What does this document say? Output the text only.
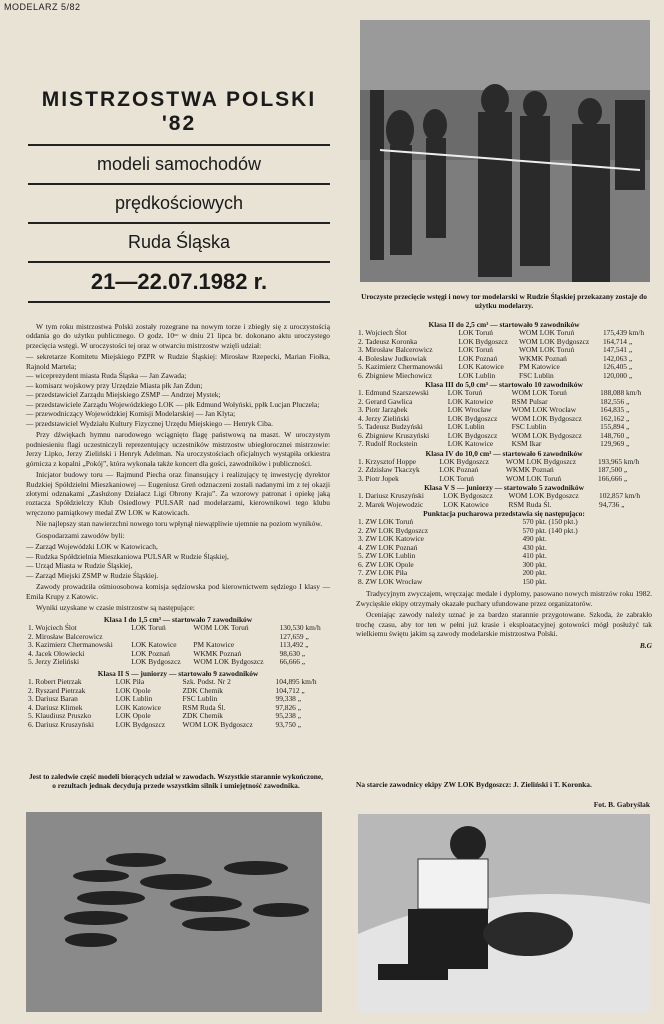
MODELARZ 5/82
Uroczyste przecięcie wstęgi i nowy tor modelarski w Rudzie Śląskiej przekazany zostaje do użytku modelarzy.
MISTRZOSTWA POLSKI '82
modeli samochodów
prędkościowych
Ruda Śląska
21—22.07.1982 r.

W tym roku mistrzostwa Polski zostały rozegrane na nowym torze i zbiegły się z uroczystością oddania go do użytku publicznego. O godz. 10ᵒᵒ w dniu 21 lipca br. dokonano aktu uroczystego przecięcia wstęgi. W uroczystości tej oraz w otwarciu mistrzostw wzięli udział:

— sekretarze Komitetu Miejskiego PZPR w Rudzie Śląskiej: Mirosław Rzepecki, Marian Fiołka, Rajnold Martela;
— wiceprezydent miasta Ruda Śląska — Jan Zawada;
— komisarz wojskowy przy Urzędzie Miasta płk Jan Zdun;
— przedstawiciel Zarządu Miejskiego ZSMP — Andrzej Mystek;
— przedstawiciele Zarządu Wojewódzkiego LOK — płk Edmund Wołyński, ppłk Lucjan Pluczela;
— przewodniczący Wojewódzkiej Komisji Modelarskiej — Jan Klyta;
— przedstawiciel Wydziału Kultury Fizycznej Urzędu Miejskiego — Henryk Ciba.

Przy dźwiękach hymnu narodowego wciągnięto flagę państwową na maszt. W uroczystym podniesieniu flagi uczestniczyli reprezentujący uczestników mistrzostw ubiegłorocznei mistrzowie: Jerzy Lipko, Jerzy Zieliński i Henryk Adelman. Na uroczystościach oficjalnych wystąpiła orkiestra górnicza z kopalni „Pokój”, która wykonała także koncert dla gości, zawodników i publiczności.

Inicjator budowy toru — Rajmund Piecha oraz finansujący i realizujący tę inwestycję dyrektor Rudzkiej Spółdzielni Mieszkaniowej — Eugeniusz Greń odznaczeni zostali nadanymi im z tej okazji złotymi odznakami „Zasłużony Działacz Ligi Obrony Kraju”. Za wzorowy patronat i opiekę jaką roztacza Spółdzielczy Klub Osiedlowy PULSAR nad modelarzami, kierownikowi tego klubu wręczono pamiątkowy medal ZW LOK w Katowicach.

Nie najlepszy stan nawierzchni nowego toru wpłynął niewątpliwie ujemnie na poziom wyników.

Gospodarzami zawodów byli:

— Zarząd Wojewódzki LOK w Katowicach,
— Rudzka Spółdzielnia Mieszkaniowa PULSAR w Rudzie Śląskiej,
— Urząd Miasta w Rudzie Śląskiej,
— Zarząd Miejski ZSMP w Rudzie Śląskiej.

Zawody prowadziła ośmioosobowa komisja sędziowska pod kierownictwem sędziego I klasy — Emila Krupy z Katowic.

Wyniki uzyskane w czasie mistrzostw są następujące:

Klasa I do 1,5 cm³ — startowało 7 zawodników
1. Wojciech Ślot	LOK Toruń	WOM LOK Toruń	130,530 km/h
2. Mirosław Balcerowicz			127,659 „
3. Kazimierz Chermanowski	LOK Katowice	PM Katowice	113,492 „
4. Jacek Olowiecki	LOK Poznań	WKMK Poznań	98,630 „
5. Jerzy Zieliński	LOK Bydgoszcz	WOM LOK Bydgoszcz	66,666 „
Klasa II S — juniorzy — startowało 9 zawodników
1. Robert Pietrzak	LOK Piła	Szk. Podst. Nr 2	104,895 km/h
2. Ryszard Pietrzak	LOK Opole	ZDK Chemik	104,712 „
3. Dariusz Baran	LOK Lublin	FSC Lublin	99,338 „
4. Dariusz Klimek	LOK Katowice	RSM Ruda Śl.	97,826 „
5. Klaudiusz Pruszko	LOK Opole	ZDK Chemik	95,238 „
6. Dariusz Kruszyński	LOK Bydgoszcz	WOM LOK Bydgoszcz	93,750 „
Jest to zaledwie część modeli biorących udział w zawodach. Wszystkie starannie wykończone, o rezultach jednak decydują przede wszystkim silnik i umiejętność zawodnika.
Klasa II do 2,5 cm³ — startowało 9 zawodników
1. Wojciech Ślot	LOK Toruń	WOM LOK Toruń	175,439 km/h
2. Tadeusz Koronka	LOK Bydgoszcz	WOM LOK Bydgoszcz	164,714 „
3. Mirosław Balcerowicz	LOK Toruń	WOM LOK Toruń	147,541 „
4. Bolesław Judkowiak	LOK Poznań	WKMK Poznań	142,063 „
5. Kazimierz Chermanowski	LOK Katowice	PM Katowice	126,405 „
6. Zbigniew Miechowicz	LOK Lublin	FSC Lublin	120,000 „
Klasa III do 5,0 cm³ — startowało 10 zawodników
1. Edmund Szarszewski	LOK Toruń	WOM LOK Toruń	188,088 km/h
2. Gerard Gawlica	LOK Katowice	RSM Pulsar	182,556 „
3. Piotr Jarząbek	LOK Wrocław	WOM LOK Wrocław	164,835 „
4. Jerzy Zieliński	LOK Bydgoszcz	WOM LOK Bydgoszcz	162,162 „
5. Tadeusz Budzyński	LOK Lublin	FSC Lublin	155,894 „
6. Zbigniew Kruszyński	LOK Bydgoszcz	WOM LOK Bydgoszcz	148,760 „
7. Rudolf Rockstein	LOK Katowice	KSM Ikar	129,969 „
Klasa IV do 10,0 cm³ — startowało 6 zawodników
1. Krzysztof Hoppe	LOK Bydgoszcz	WOM LOK Bydgoszcz	193,965 km/h
2. Zdzisław Tkaczyk	LOK Poznań	WKMK Poznań	187,500 „
3. Piotr Jopek	LOK Toruń	WOM LOK Toruń	166,666 „
Klasa V S — juniorzy — startowało 5 zawodników
1. Dariusz Kruszyński	LOK Bydgoszcz	WOM LOK Bydgoszcz	102,857 km/h
2. Marek Wojewodzic	LOK Katowice	RSM Ruda Śl.	94,736 „
Punktacja pucharowa przedstawia się następująco:
1. ZW LOK Toruń	570 pkt. (150 pkt.)
2. ZW LOK Bydgoszcz	570 pkt. (140 pkt.)
3. ZW LOK Katowice	490 pkt.
4. ZW LOK Poznań	430 pkt.
5. ZW LOK Lublin	410 pkt.
6. ZW LOK Opole	300 pkt.
7. ZW LOK Piła	200 pkt.
8. ZW LOK Wrocław	150 pkt.

Tradycyjnym zwyczajem, wręczając medale i dyplomy, pasowano nowych mistrzów roku 1982. Zwycięskie ekipy otrzymały okazałe puchary ufundowane przez organizatorów.

Oceniając zawody należy uznać je za bardzo starannie przygotowane. Szkoda, że zabrakło trochę czasu, aby tor ten w pełni już krasie i eksploatacyjnej gotowości mógł posłużyć tak wielkiemu świętu jakim są zawody modelarskie mistrzostwa Polski.

B.G
Na starcie zawodnicy ekipy ZW LOK Bydgoszcz: J. Zieliński i T. Koronka.
Fot. B. Gabryślak
